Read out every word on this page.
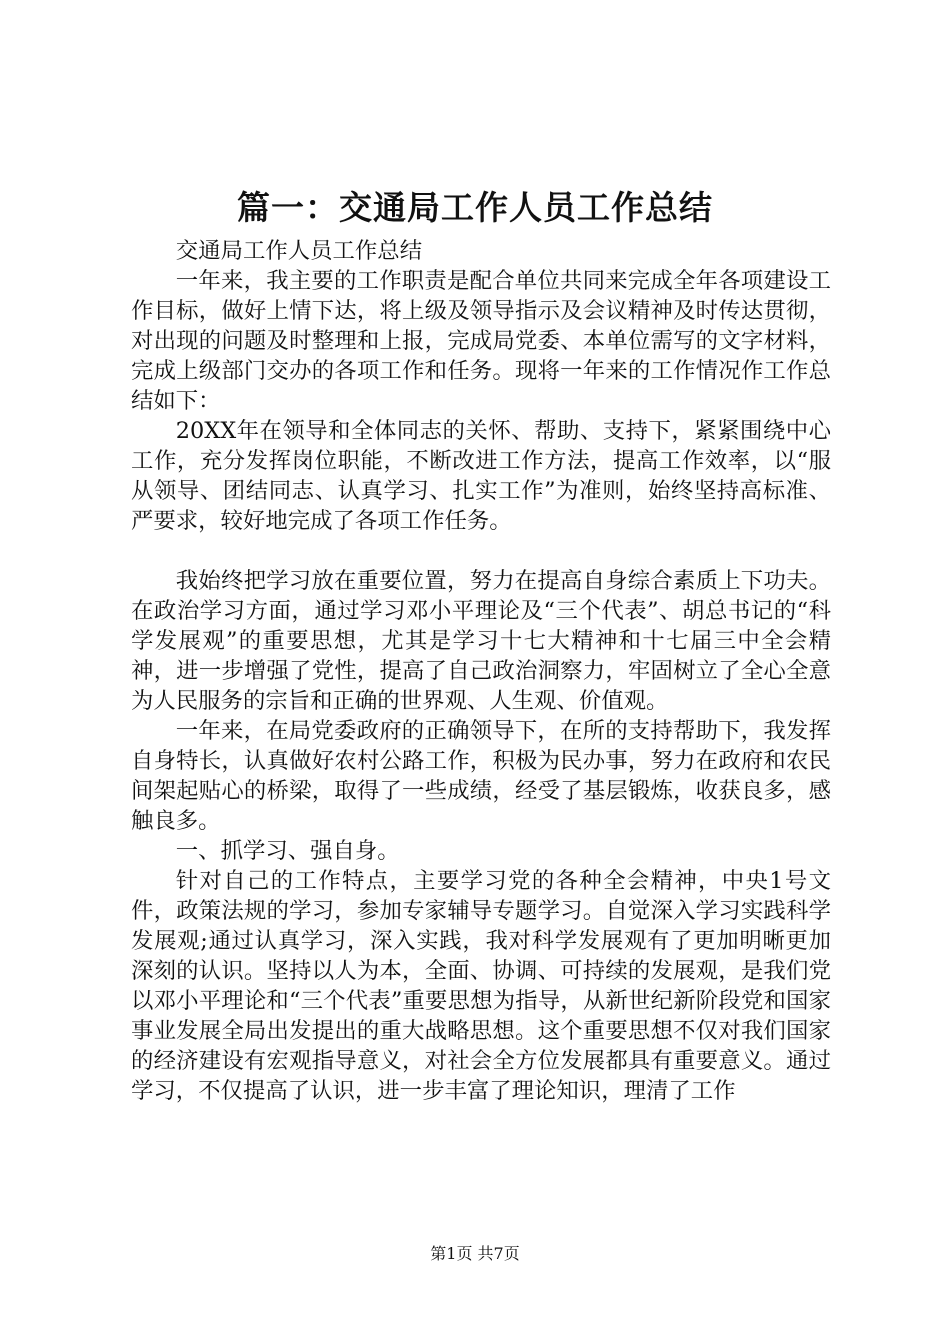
篇一：交通局工作人员工作总结

交通局工作人员工作总结

一年来，我主要的工作职责是配合单位共同来完成全年各项建设工作目标，做好上情下达，将上级及领导指示及会议精神及时传达贯彻，对出现的问题及时整理和上报，完成局党委、本单位需写的文字材料，完成上级部门交办的各项工作和任务。现将一年来的工作情况作工作总结如下：

20XX年在领导和全体同志的关怀、帮助、支持下，紧紧围绕中心工作，充分发挥岗位职能，不断改进工作方法，提高工作效率，以“服从领导、团结同志、认真学习、扎实工作”为准则，始终坚持高标准、严要求，较好地完成了各项工作任务。

我始终把学习放在重要位置，努力在提高自身综合素质上下功夫。在政治学习方面，通过学习邓小平理论及“三个代表”、胡总书记的“科学发展观”的重要思想，尤其是学习十七大精神和十七届三中全会精神，进一步增强了党性，提高了自己政治洞察力，牢固树立了全心全意为人民服务的宗旨和正确的世界观、人生观、价值观。

一年来，在局党委政府的正确领导下，在所的支持帮助下，我发挥自身特长，认真做好农村公路工作，积极为民办事，努力在政府和农民间架起贴心的桥梁，取得了一些成绩，经受了基层锻炼，收获良多，感触良多。

一、抓学习、强自身。

针对自己的工作特点，主要学习党的各种全会精神，中央1号文件，政策法规的学习，参加专家辅导专题学习。自觉深入学习实践科学发展观;通过认真学习，深入实践，我对科学发展观有了更加明晰更加深刻的认识。坚持以人为本，全面、协调、可持续的发展观，是我们党以邓小平理论和“三个代表”重要思想为指导，从新世纪新阶段党和国家事业发展全局出发提出的重大战略思想。这个重要思想不仅对我们国家的经济建设有宏观指导意义，对社会全方位发展都具有重要意义。通过学习，不仅提高了认识，进一步丰富了理论知识，理清了工作

第1页 共7页
